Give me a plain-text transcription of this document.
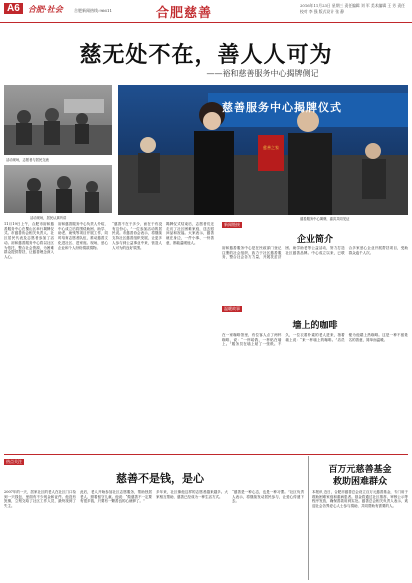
A6	合肥·社会	合肥新闻热线:96611	合肥慈善
2016年11月23日 星期三 责任编辑 刘 军 美术编辑 王 芳 责任校对 李 强 版式设计 张 静
慈无处不在，善人人可为
——裕和慈善服务中心揭牌侧记
活动现场，志愿者与居民交流
活动现场，居民认真听讲
慈善服务中心揭牌仪式
慈善之家
慈善服务中心揭牌，嘉宾共同见证
11月19日上午，合肥市裕和慈善服务中心在蜀山区举行揭牌仪式。市慈善协会相关负责人、社区居民代表及志愿者参加了活动。裕和慈善服务中心将以社区为依托，整合社会资源，为困难群众提供帮扶，让慈善理念深入人心。
裕和慈善服务中心负责人介绍，中心成立后将围绕助困、助学、助老、助残等项目开展工作，同时培育志愿者队伍，推动慈善文化进社区、进家庭。现场，爱心企业和个人纷纷捐款捐物。
“慈善不在于多少，而在于有没有这份心。”一位参加活动的居民说。市慈善协会表示，将继续支持社区慈善组织发展，让更多人参与到公益事业中来，营造人人可为的良好氛围。
揭牌仪式结束后，志愿者们还走访了社区困难家庭，送去慰问品和祝福。大家表示，慈善就在身边，一件小事、一份善意，都能温暖他人。
新闻链接
企业简介
裕和慈善服务中心是在民政部门登记注册的社会组织，致力于社区慈善服务，整合社会各方力量，开展扶贫济困、助学助老等公益活动，努力打造社区慈善品牌。中心成立以来，已联合多家爱心企业开展帮扶项目，受助群众逾千人次。
温暖故事
墙上的咖啡
在一家咖啡馆里，有位客人点了两杯咖啡，说：“一杯给我，一杯贴在墙上。”服务员在墙上贴了一张纸。不久，一位衣着朴素的老人进来，指着墙上说：“来一杯墙上的咖啡。”店员便为他端上热咖啡。这是一种不留姓名的善意，简单而温暖。
热点关注
慈善不是钱，是心
2007年的一天，居家社区的老人在社区门口捡到一只钱包，里面有不少现金和证件。他没有犹豫，立刻交给了社区工作人员，最终找到了失主。
此后，老人开始参加社区志愿服务，帮助独居老人、照看留守儿童。他说：“做慈善不一定要有很多钱，只要有一颗善良的心就够了。”
多年来，社区像他这样的志愿者越来越多。大家相互帮助，慈善已经成为一种生活方式。
“慈善是一种心态，也是一种习惯。”社区负责人表示，将继续发动居民参与，让爱心传递下去。
百万元慈善基金
救助困难群众
本报讯 近日，合肥市慈善总会设立百万元慈善基金，专门用于救助困难家庭和重病患者。基金将通过社区推荐、审核公示等程序发放，确保善款用到实处。慈善总会相关负责人表示，欢迎社会各界爱心人士参与捐助，共同帮助有需要的人。
